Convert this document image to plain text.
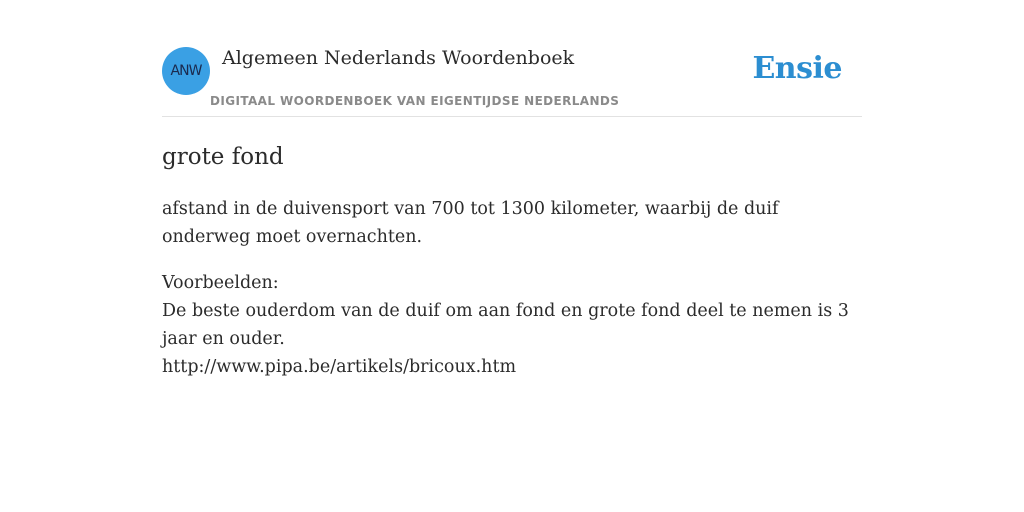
ANW
Algemeen Nederlands Woordenboek
DIGITAAL WOORDENBOEK VAN EIGENTIJDSE NEDERLANDS
Ensie
grote fond

afstand in de duivensport van 700 tot 1300 kilometer, waarbij de duif onderweg moet overnachten.

Voorbeelden:
De beste ouderdom van de duif om aan fond en grote fond deel te nemen is 3 jaar en ouder.
http://www.pipa.be/artikels/bricoux.htm
